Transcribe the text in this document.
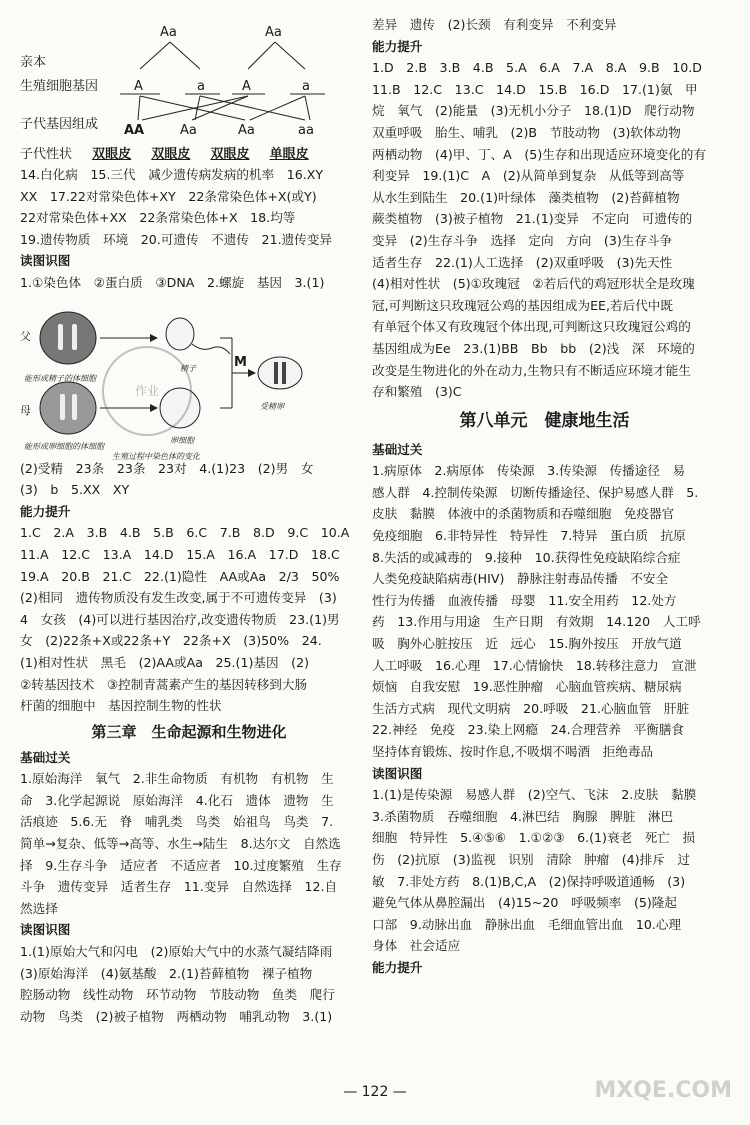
亲本
Aa	Aa
生殖细胞基因	A	a	A	a
子代基因组成 AA	Aa	Aa	aa
子代性状 双眼皮 双眼皮 双眼皮 单眼皮
14.白化病　15.三代　减少遗传病发病的机率　16.XY
XX　17.22对常染色体+XY　22条常染色体+X(或Y)
22对常染色体+XX　22条常染色体+X　18.均等
19.遗传物质　环境　20.可遗传　不遗传　21.遗传变异
读图识图
1.①染色体　②蛋白质　③DNA　2.螺旋　基因　3.(1)
父
能形成精子的体细胞
精子	M
受精卵
母
能形成卵细胞的体细胞
卵细胞
生殖过程中染色体的变化
作业
(2)受精　23条　23条　23对　4.(1)23　(2)男　女
(3)　b　5.XX　XY
能力提升
1.C　2.A　3.B　4.B　5.B　6.C　7.B　8.D　9.C　10.A
11.A　12.C　13.A　14.D　15.A　16.A　17.D　18.C
19.A　20.B　21.C　22.(1)隐性　AA或Aa　2/3　50%
(2)相同　遗传物质没有发生改变,属于不可遗传变异　(3)
4　女孩　(4)可以进行基因治疗,改变遗传物质　23.(1)男
女　(2)22条+X或22条+Y　22条+X　(3)50%　24.
(1)相对性状　黑毛　(2)AA或Aa　25.(1)基因　(2)
②转基因技术　③控制青蒿素产生的基因转移到大肠
杆菌的细胞中　基因控制生物的性状
第三章　生命起源和生物进化
基础过关
1.原始海洋　氧气　2.非生命物质　有机物　有机物　生
命　3.化学起源说　原始海洋　4.化石　遗体　遗物　生
活痕迹　5.6.无　脊　哺乳类　鸟类　始祖鸟　鸟类　7.
简单→复杂、低等→高等、水生→陆生　8.达尔文　自然选
择　9.生存斗争　适应者　不适应者　10.过度繁殖　生存
斗争　遗传变异　适者生存　11.变异　自然选择　12.自
然选择
读图识图
1.(1)原始大气和闪电　(2)原始大气中的水蒸气凝结降雨
(3)原始海洋　(4)氨基酸　2.(1)苔藓植物　裸子植物
腔肠动物　线性动物　环节动物　节肢动物　鱼类　爬行
动物　鸟类　(2)被子植物　两栖动物　哺乳动物　3.(1)
差异　遗传　(2)长颈　有利变异　不利变异
能力提升
1.D　2.B　3.B　4.B　5.A　6.A　7.A　8.A　9.B　10.D
11.B　12.C　13.C　14.D　15.B　16.D　17.(1)氨　甲
烷　氧气　(2)能量　(3)无机小分子　18.(1)D　爬行动物
双重呼吸　胎生、哺乳　(2)B　节肢动物　(3)软体动物
两栖动物　(4)甲、丁、A　(5)生存和出现适应环境变化的有
利变异　19.(1)C　A　(2)从简单到复杂　从低等到高等
从水生到陆生　20.(1)叶绿体　藻类植物　(2)苔藓植物
蕨类植物　(3)被子植物　21.(1)变异　不定向　可遗传的
变异　(2)生存斗争　选择　定向　方向　(3)生存斗争
适者生存　22.(1)人工选择　(2)双重呼吸　(3)先天性
(4)相对性状　(5)①玫瑰冠　②若后代的鸡冠形状全是玫瑰
冠,可判断这只玫瑰冠公鸡的基因组成为EE,若后代中既
有单冠个体又有玫瑰冠个体出现,可判断这只玫瑰冠公鸡的
基因组成为Ee　23.(1)BB　Bb　bb　(2)浅　深　环境的
改变是生物进化的外在动力,生物只有不断适应环境才能生
存和繁殖　(3)C
第八单元　健康地生活
基础过关
1.病原体　2.病原体　传染源　3.传染源　传播途径　易
感人群　4.控制传染源　切断传播途径、保护易感人群　5.
皮肤　黏膜　体液中的杀菌物质和吞噬细胞　免疫器官
免疫细胞　6.非特异性　特异性　7.特异　蛋白质　抗原
8.失活的或减毒的　9.接种　10.获得性免疫缺陷综合症
人类免疫缺陷病毒(HIV)　静脉注射毒品传播　不安全
性行为传播　血液传播　母婴　11.安全用药　12.处方
药　13.作用与用途　生产日期　有效期　14.120　人工呼
吸　胸外心脏按压　近　远心　15.胸外按压　开放气道
人工呼吸　16.心理　17.心情愉快　18.转移注意力　宣泄
烦恼　自我安慰　19.恶性肿瘤　心脑血管疾病、糖尿病
生活方式病　现代文明病　20.呼吸　21.心脑血管　肝脏
22.神经　免疫　23.染上网瘾　24.合理营养　平衡膳食
坚持体育锻炼、按时作息,不吸烟不喝酒　拒绝毒品
读图识图
1.(1)是传染源　易感人群　(2)空气、飞沫　2.皮肤　黏膜
3.杀菌物质　吞噬细胞　4.淋巴结　胸腺　脾脏　淋巴
细胞　特异性　5.④⑤⑥　1.①②③　6.(1)衰老　死亡　损
伤　(2)抗原　(3)监视　识别　清除　肿瘤　(4)排斥　过
敏　7.非处方药　8.(1)B,C,A　(2)保持呼吸道通畅　(3)
避免气体从鼻腔漏出　(4)15~20　呼吸频率　(5)隆起
口部　9.动脉出血　静脉出血　毛细血管出血　10.心理
身体　社会适应
能力提升
— 122 —	MXQE.COM
